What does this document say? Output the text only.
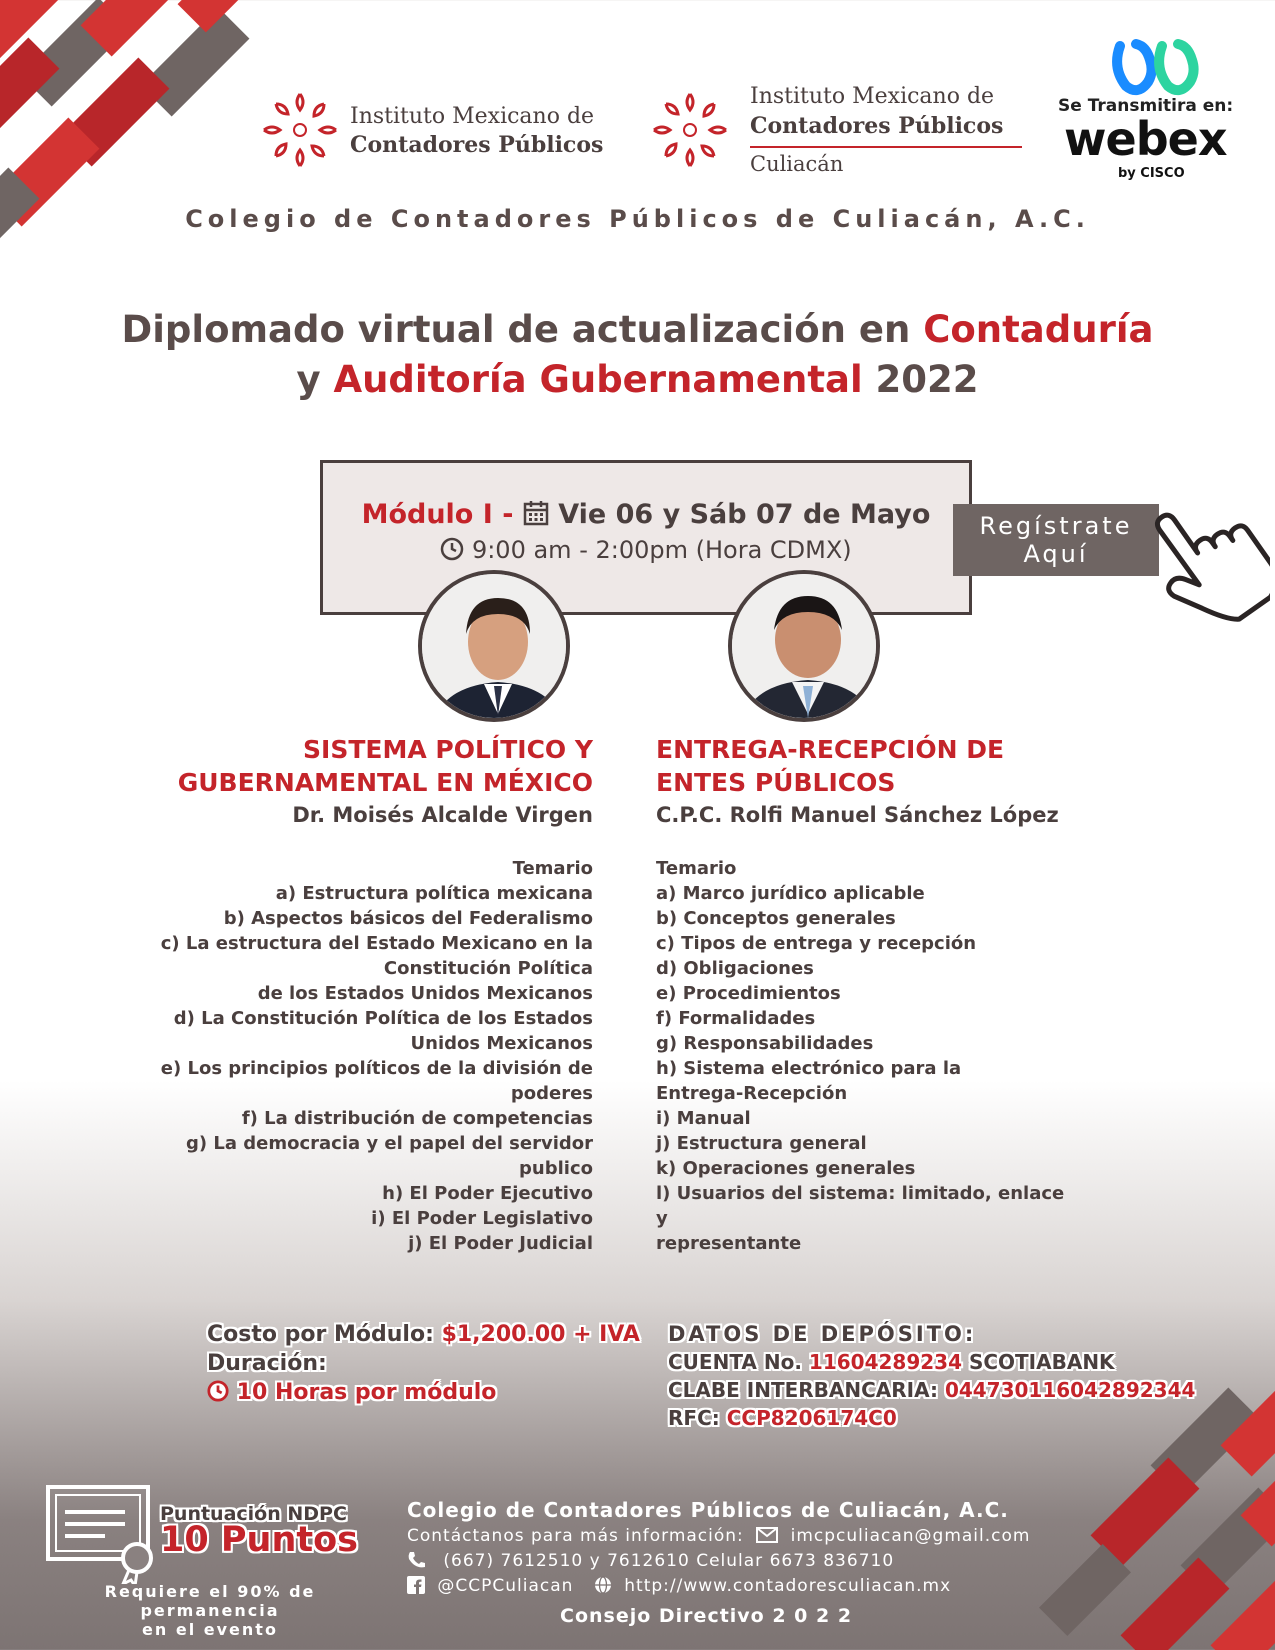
Instituto Mexicano de
Contadores Públicos
Instituto Mexicano de
Contadores Públicos
Culiacán
Se Transmitira en:
webex
by CISCO
Colegio de Contadores Públicos de Culiacán, A.C.
Diplomado virtual de actualización en Contaduría
y Auditoría Gubernamental 2022
Módulo I - Vie 06 y Sáb 07 de Mayo
9:00 am - 2:00pm (Hora CDMX)
Regístrate
Aquí
SISTEMA POLÍTICO Y
GUBERNAMENTAL EN MÉXICO
Dr. Moisés Alcalde Virgen
Temario
a) Estructura política mexicana
b) Aspectos básicos del Federalismo
c) La estructura del Estado Mexicano en la
Constitución Política
de los Estados Unidos Mexicanos
d) La Constitución Política de los Estados
Unidos Mexicanos
e) Los principios políticos de la división de
poderes
f) La distribución de competencias
g) La democracia y el papel del servidor
publico
h) El Poder Ejecutivo
i) El Poder Legislativo
j) El Poder Judicial
ENTREGA-RECEPCIÓN DE
ENTES PÚBLICOS
C.P.C. Rolfi Manuel Sánchez López
Temario
a) Marco jurídico aplicable
b) Conceptos generales
c) Tipos de entrega y recepción
d) Obligaciones
e) Procedimientos
f) Formalidades
g) Responsabilidades
h) Sistema electrónico para la
Entrega-Recepción
i) Manual
j) Estructura general
k) Operaciones generales
l) Usuarios del sistema: limitado, enlace y
representante
Costo por Módulo: $1,200.00 + IVA
Duración:
10 Horas por módulo
DATOS DE DEPÓSITO:
CUENTA No. 11604289234 SCOTIABANK
CLABE INTERBANCARIA: 044730116042892344
RFC: CCP8206174C0
Puntuación NDPC
10 Puntos
Requiere el 90% de permanencia
en el evento
Colegio de Contadores Públicos de Culiacán, A.C.
Contáctanos para más información:	imcpculiacan@gmail.com
(667) 7612510 y 7612610 Celular 6673 836710
@CCPCuliacan	http://www.contadoresculiacan.mx
Consejo Directivo 2 0 2 2
